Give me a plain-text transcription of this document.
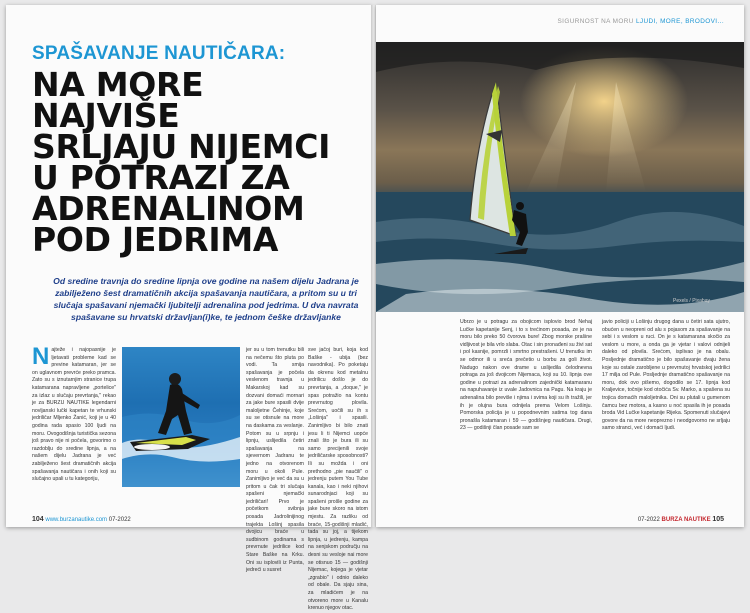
SPAŠAVANJE NAUTIČARA:
NA MORE NAJVIŠE
SRLJAJU NIJEMCI
U POTRAZI ZA
ADRENALINOM
POD JEDRIMA
Od sredine travnja do sredine lipnja ove godine na našem dijelu Jadrana je zabilježeno šest dramatičnih akcija spašavanja nautičara, a pritom su u tri slučaja spašavani njemački ljubitelji adrenalina pod jedrima. U dva navrata spašavane su hrvatski državljan(i)ke, te jednom češke državljanke
Najteže i najopasnije je ljetavati probleme kad se previne katamaran, jer se on uglavnom prevrće preko pramca. Zato su s iznutarnjim stranice trupa katamarana napravljene „portelice" za izlaz u slučaju prevrtanja," rekao je za BURZU NAUTIKE legendarni novljanski lučki kapetan te vrhunski jedriličar Mljenko Žanić, koji je u 40 godina rada spasio 100 ljudi na moru. Ovogodišnja turistička sezona još pravo nije ni počela, govorimo o razdoblju do sredine lipnja, a na našem dijelu Jadrana je već zabilježeno šest dramatičnih akcija spašavanja nautičara i onih koji su slučajno upali u tu kategoriju,
jer su u tom trenutku bili na nečemu što pluta po vodi. Ta smija spašavanja je počela veslenom travnja u Makarskoj kad su dozvani domaći mornari za jake bure spasili dvije maloljetne Čehinje, koje su se otisnule na more na daskama za veslanje. Potom su u srpnju i lipnju, uslijedila četiri spašavanja na sjevernom Jadranu te jedno na otvorenom moru u okoli Pule. Zanimljivo je već da su u pritom u čak tri slučaja spašeni njemački jedriličari! Prvo je početkom svibnja posada Jadrolinijinog trajekta Lošinj spasila dvojicu braće u sudbinom godinama s prevrnute jedrilice kod Stare Baške na Krku. Oni su isplovili iz Punta, jedreći u susret
sve jačoj buri, koja kod Baške - ubija (bez navodnika). Po poketaju da okrenu kod metalnu jedrilicu došlo je do prevrtanja, a „doque," je spas potražio na kontu prevrnutog plovila. Srećom, uočili su ih s „Lošinja" i spasili. Zanimljivo bi bilo znati jesu li ti Nijemci uopće znali što je bura ili su samo precijenili svoje jedriličarske sposobnosti? Ili su možda i oni prethodno „pie naučili" o jedrenju putem You Tube kanala, kao i neki njihovi sunarodnjaci koji su spašeni prošle godine za jake bure skoro na istom mjestu. Za razliku od braće, 15-godišnji mladić, tada su joj, a tijekom lipnja, u jedrenju, kampa na senjskom području na desni su vesloje nai more se otisnuo 15 — godišnji Nijemac, kojega je vjetar „zgrabio" i odnio daleko od obale. Da sjaju sina, za mladićem je na otvoreno more u Kanalu krenuo njegov otac.
104 www.burzanautike.com 07-2022
SIGURNOST NA MORU LJUDI, MORE, BRODOVI...
Pexels / Pixabay
Ubrzo je u potragu za obojicom isplovio brod Nehaj Lučke kapetanije Senj, i to s trećinom posada, ze je na moru bilo preko 50 čvorova bure! Zbog morske prašine vidljivost je bila vrlo slaba. Otac i sin pronađeni su živi sat i pol kasnije, pomrzli i smrtno prestrašeni. U trenutku im se odmor ili u sreća prečetio u borbu za goli život. Nadugo nakon ove drame u uslijedila ćelodnevna potraga za još dvojicom Nijemaca, koji su 10. lipnja ove godine u potrazi za adrenalinom zajednički katamaranu na napuhavanje iz uvale Jadovnica na Pagu. Na kraju je adrenalina bilo previše i njima i svima koji su ih tražili, jer ih je olujna bura odnijela prema Velom Lošinju. Pomorska policija je u popodnevnim satima tog dana pronašla katamaran i 59 — godišnjeg nautičara. Drugi, 23 — godišnji član posade sam se
javio policiji u Lošinju drugog dana u četiri sata ujutro, obućen u neopreni od alu s pojasom za spašavanje na sebi i s veslom u ruci. On je s katamarana skočio za veslom u more, a onda ga je vjetar i valovi odnijeli daleko od plovila. Srećom, isplivao je na obalu. Posljednje dramatično je bilo spašavanje dvaju žena koje su ostale zarobljene u prevrnutoj hrvatskoj jedrilici 17 milja od Pule. Posljednje dramatično spašavanje na moru, dok ovo pišemo, dogodilo se 17. lipnja kod Kraljevice, točnije kod otočića Sv. Marko, a spašena su trojica domaćih maloljetnika. Oni su plutali u gumenom čamcu bez motora, a kasno u noć spasila ih je posada broda Vid Lučke kapetanije Rijeka. Spomenuti slučajevi govore da na more neoprezno i neodgovorno ne srljaju samo stranci, već i domaći ljudi.
07-2022 BURZA NAUTIKE 105
